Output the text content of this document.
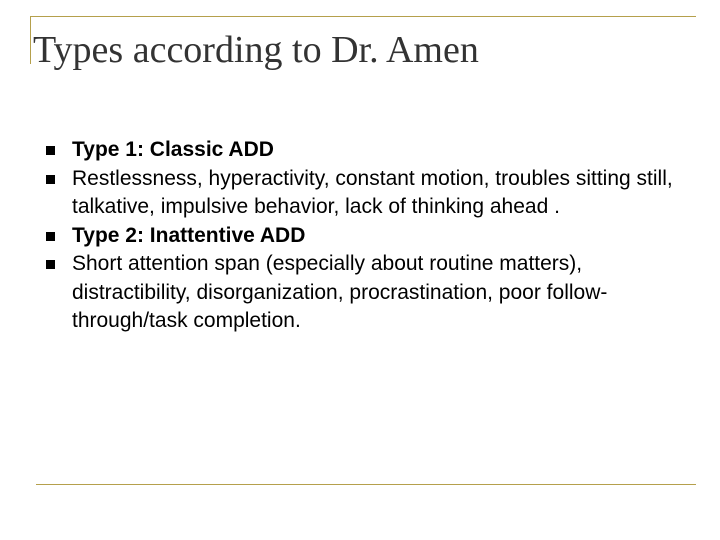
Types according to Dr. Amen
Type 1: Classic ADD
Restlessness, hyperactivity, constant motion, troubles sitting still, talkative, impulsive behavior, lack of thinking ahead .
Type 2: Inattentive ADD
Short attention span (especially about routine matters), distractibility, disorganization, procrastination, poor follow-through/task completion.
